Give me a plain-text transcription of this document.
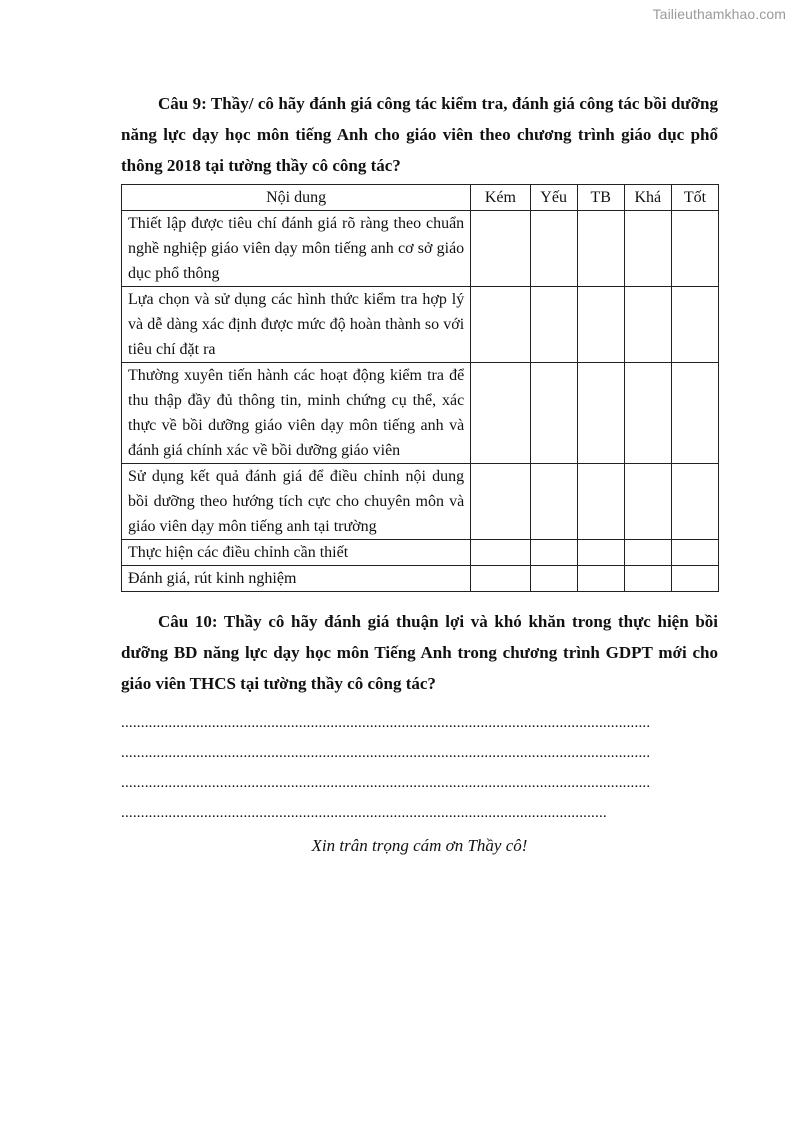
Tailieuthamkhao.com

Câu 9: Thầy/ cô hãy đánh giá công tác kiểm tra, đánh giá công tác bồi dưỡng năng lực dạy học môn tiếng Anh cho giáo viên theo chương trình giáo dục phổ thông 2018 tại tường thầy cô công tác?

Nội dung	Kém	Yếu	TB	Khá	Tốt
Thiết lập được tiêu chí đánh giá rõ ràng theo chuẩn nghề nghiệp giáo viên dạy môn tiếng anh cơ sở giáo dục phổ thông					
Lựa chọn và sử dụng các hình thức kiểm tra hợp lý và dễ dàng xác định được mức độ hoàn thành so với tiêu chí đặt ra					
Thường xuyên tiến hành các hoạt động kiểm tra để thu thập đầy đủ thông tin, minh chứng cụ thể, xác thực về bồi dưỡng giáo viên dạy môn tiếng anh và đánh giá chính xác về bồi dưỡng giáo viên					
Sử dụng kết quả đánh giá để điều chỉnh nội dung bồi dưỡng theo hướng tích cực cho chuyên môn và giáo viên dạy môn tiếng anh tại trường					
Thực hiện các điều chỉnh cần thiết					
Đánh giá, rút kinh nghiệm					

Câu 10: Thầy cô hãy đánh giá thuận lợi và khó khăn trong thực hiện bồi dưỡng BD năng lực dạy học môn Tiếng Anh trong chương trình GDPT mới cho giáo viên THCS tại tường thầy cô công tác?

......................................................................................................................................
......................................................................................................................................
......................................................................................................................................
...........................................................................................................................
Xin trân trọng cám ơn Thầy cô!
